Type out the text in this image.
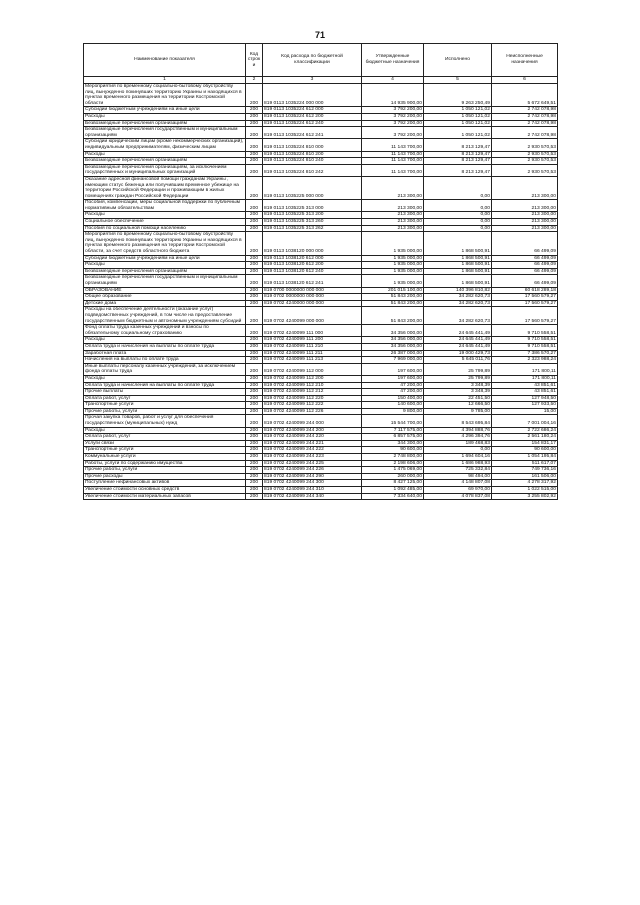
71
Наименование показателя	Код строк и	Код расхода по бюджетной классификации	Утвержденные бюджетные назначения	Исполнено	Неисполненные назначения
1	2	3	4	5	6
Мероприятия по временному социально-бытовому обустройству лиц, вынужденно покинувших территорию Украины и находящихся в пунктах временного размещения на территории Костромской области	200	819 0113 1035224 000 000	14 935 900,00	9 263 250,49	5 672 649,51
Субсидии бюджетным учреждениям на иные цели	200	819 0113 1035224 612 000	3 792 200,00	1 050 121,02	2 742 078,98
Расходы	200	819 0113 1035224 612 200	3 792 200,00	1 050 121,02	2 742 078,98
Безвозмездные перечисления организациям	200	819 0113 1035224 612 240	3 792 200,00	1 050 121,02	2 742 078,98
Безвозмездные перечисления государственным и муниципальным организациям	200	819 0113 1035224 612 241	3 792 200,00	1 050 121,02	2 742 078,98
Субсидии юридическим лицам (кроме некоммерческих организаций), индивидуальным предпринимателям, физическим лицам	200	819 0113 1035224 810 000	11 143 700,00	8 213 129,47	2 930 570,53
Расходы	200	819 0113 1035224 810 200	11 143 700,00	8 213 129,47	2 930 570,53
Безвозмездные перечисления организациям	200	819 0113 1035224 810 240	11 143 700,00	8 213 129,47	2 930 570,53
Безвозмездные перечисления организациям, за исключением государственных и муниципальных организаций	200	819 0113 1035224 810 242	11 143 700,00	8 213 129,47	2 930 570,53
Оказание адресной финансовой помощи гражданам Украины , имеющим статус беженца или получившим временное убежище на территории Российской Федерации и проживающим в жилых помещениях граждан Российской Федерации	200	819 0113 1035225 000 000	213 300,00	0,00	213 300,00
Пособия, компенсации, меры социальной поддержки по публичным нормативным обязательствам	200	819 0113 1035225 313 000	213 300,00	0,00	213 300,00
Расходы	200	819 0113 1035225 313 200	213 300,00	0,00	213 300,00
Социальное обеспечение	200	819 0113 1035225 313 260	213 300,00	0,00	213 300,00
Пособия по социальной помощи населению	200	819 0113 1035225 313 262	213 300,00	0,00	213 300,00
Мероприятия по временному социально-бытовому обустройству лиц, вынужденно покинувших территорию Украины и находящихся в пунктах временного размещения на территории Костромской области, за счет средств областного бюджета	200	819 0113 1038120 000 000	1 935 000,00	1 868 500,91	66 499,09
Субсидии бюджетным учреждениям на иные цели	200	819 0113 1038120 612 000	1 935 000,00	1 868 500,91	66 499,09
Расходы	200	819 0113 1038120 612 200	1 935 000,00	1 868 500,91	66 499,09
Безвозмездные перечисления организациям	200	819 0113 1038120 612 240	1 935 000,00	1 868 500,91	66 499,09
Безвозмездные перечисления государственным и муниципальным организациям	200	819 0113 1038120 612 241	1 935 000,00	1 868 500,91	66 499,09
ОБРАЗОВАНИЕ	200	819 0700 0000000 000 000	201 015 100,00	140 396 810,82	60 618 289,18
Общее образование	200	819 0702 0000000 000 000	51 843 200,00	34 282 620,73	17 560 579,27
Детские дома	200	819 0702 4240000 000 000	51 843 200,00	34 282 620,73	17 560 579,27
Расходы на обеспечение деятельности (оказание услуг) подведомственных учреждений, в том числе на предоставление государственным бюджетным и автономным учреждениям субсидий	200	819 0702 4240099 000 000	51 843 200,00	34 282 620,73	17 560 579,27
Фонд оплаты труда казенных учреждений и взносы по обязательному социальному страхованию	200	819 0702 4240099 111 000	34 356 000,00	24 645 441,49	9 710 558,51
Расходы	200	819 0702 4240099 111 200	34 356 000,00	24 645 441,49	9 710 558,51
Оплата труда и начисления на выплаты по оплате труда	200	819 0702 4240099 111 210	34 356 000,00	24 645 441,49	9 710 558,51
Заработная плата	200	819 0702 4240099 111 211	26 387 000,00	19 000 429,73	7 386 570,27
Начисления на выплаты по оплате труда	200	819 0702 4240099 111 213	7 969 000,00	5 645 011,76	2 323 988,24
Иные выплаты персоналу казенных учреждений, за исключением фонда оплаты труда	200	819 0702 4240099 112 000	197 600,00	25 799,89	171 800,11
Расходы	200	819 0702 4240099 112 200	197 600,00	25 799,89	171 800,11
Оплата труда и начисления на выплаты по оплате труда	200	819 0702 4240099 112 210	47 200,00	3 348,39	43 851,61
Прочие выплаты	200	819 0702 4240099 112 212	47 200,00	3 348,39	43 851,61
Оплата работ, услуг	200	819 0702 4240099 112 220	150 400,00	22 451,50	127 948,50
Транспортные услуги	200	819 0702 4240099 112 222	140 600,00	12 666,50	127 933,50
Прочие работы, услуги	200	819 0702 4240099 112 226	9 800,00	9 785,00	15,00
Прочая закупка товаров, работ и услуг для обеспечения государственных (муниципальных) нужд	200	819 0702 4240099 244 000	15 544 700,00	8 543 695,84	7 001 004,16
Расходы	200	819 0702 4240099 244 200	7 117 575,00	4 394 888,76	2 722 686,24
Оплата работ, услуг	200	819 0702 4240099 244 220	6 857 575,00	4 296 394,76	2 561 180,24
Услуги связи	200	819 0702 4240099 244 221	344 300,00	189 468,83	154 831,17
Транспортные услуги	200	819 0702 4240099 244 222	90 600,00	0,00	90 600,00
Коммунальные услуги	200	819 0702 4240099 244 223	2 748 800,00	1 694 604,16	1 054 195,84
Работы, услуги по содержанию имущества	200	819 0702 4240099 244 225	2 198 606,00	1 686 988,93	511 617,07
Прочие работы, услуги	200	819 0702 4240099 244 226	1 475 069,00	725 332,84	749 736,16
Прочие расходы	200	819 0702 4240099 244 290	260 000,00	98 494,00	161 506,00
Поступление нефинансовых активов	200	819 0702 4240099 244 300	8 427 125,00	4 148 807,08	4 278 317,92
Увеличение стоимости основных средств	200	819 0702 4240099 244 310	1 092 485,00	69 970,00	1 022 515,00
Увеличение стоимости материальных запасов	200	819 0702 4240099 244 340	7 334 640,00	4 078 837,08	3 255 802,92
